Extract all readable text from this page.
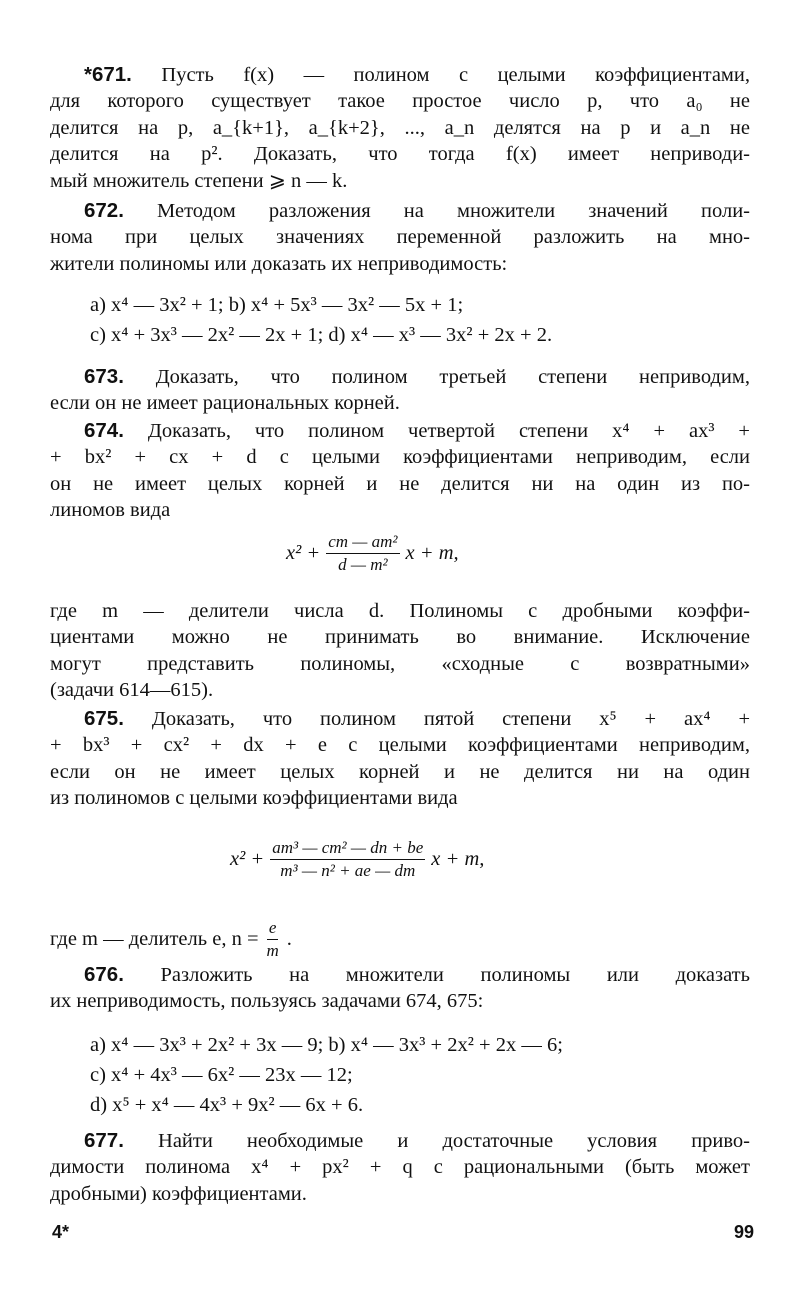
*671. Пусть f(x) — полином с целыми коэффициентами,
для которого существует такое простое число p, что a₀ не
делится на p, a_{k+1}, a_{k+2}, ..., a_n делятся на p и a_n не
делится на p². Доказать, что тогда f(x) имеет неприводи-
мый множитель степени ⩾ n — k.
672. Методом разложения на множители значений поли-
нома при целых значениях переменной разложить на мно-
жители полиномы или доказать их неприводимость:
a) x⁴ — 3x² + 1; b) x⁴ + 5x³ — 3x² — 5x + 1;
c) x⁴ + 3x³ — 2x² — 2x + 1; d) x⁴ — x³ — 3x² + 2x + 2.
673. Доказать, что полином третьей степени неприводим,
если он не имеет рациональных корней.
674. Доказать, что полином четвертой степени x⁴ + ax³ +
+ bx² + cx + d с целыми коэффициентами неприводим, если
он не имеет целых корней и не делится ни на один из по-
линомов вида
$x^2 + \frac{\text{cm — am²}}{\text{d — m²}}$ x + m,
где m — делители числа d. Полиномы с дробными коэффи-
циентами можно не принимать во внимание. Исключение
могут представить полиномы, «сходные с возвратными»
(задачи 614—615).
675. Доказать, что полином пятой степени x⁵ + ax⁴ +
+ bx³ + cx² + dx + e с целыми коэффициентами неприводим,
если он не имеет целых корней и не делится ни на один
из полиномов с целыми коэффициентами вида
$x^2 + \frac{\text{am³ — cm² — dn + be}}{\text{m³ — n² + ae — dm}}$ x + m,
где m — делитель e, $n = \frac{e}{m}$ .
676. Разложить на множители полиномы или доказать
их неприводимость, пользуясь задачами 674, 675:
a) x⁴ — 3x³ + 2x² + 3x — 9; b) x⁴ — 3x³ + 2x² + 2x — 6;
c) x⁴ + 4x³ — 6x² — 23x — 12;
d) x⁵ + x⁴ — 4x³ + 9x² — 6x + 6.
677. Найти необходимые и достаточные условия приво-
димости полинома x⁴ + px² + q с рациональными (быть может
дробными) коэффициентами.
4*	99
